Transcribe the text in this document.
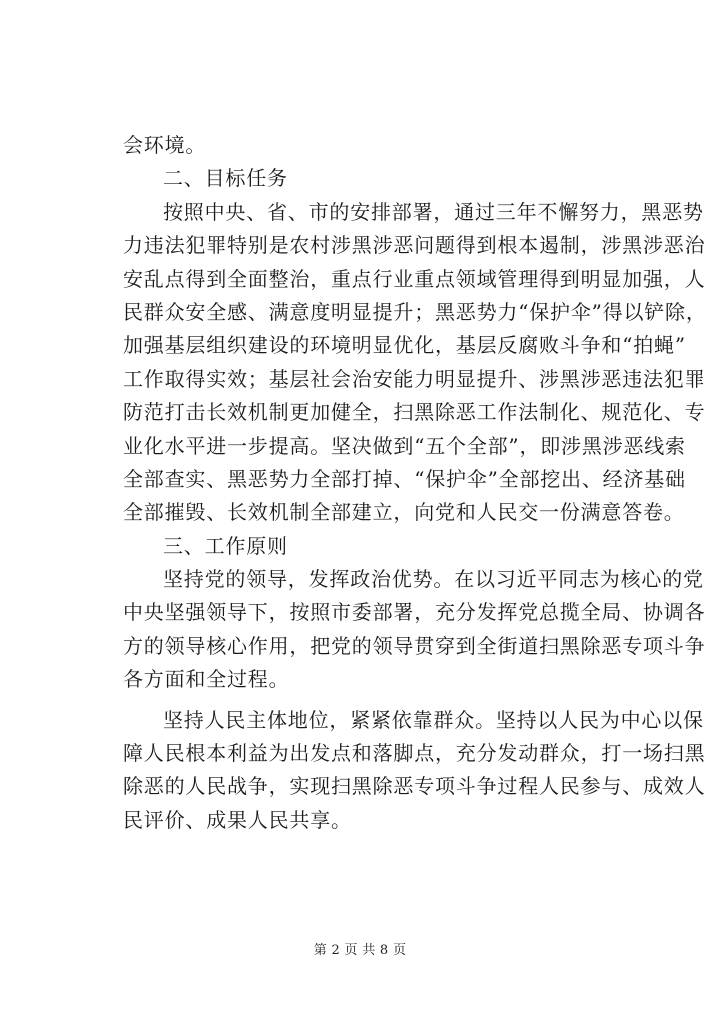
会环境。
二、目标任务
按照中央、省、市的安排部署，通过三年不懈努力，黑恶势
力违法犯罪特别是农村涉黑涉恶问题得到根本遏制，涉黑涉恶治
安乱点得到全面整治，重点行业重点领域管理得到明显加强，人
民群众安全感、满意度明显提升；黑恶势力“保护伞”得以铲除，
加强基层组织建设的环境明显优化，基层反腐败斗争和“拍蝇”
工作取得实效；基层社会治安能力明显提升、涉黑涉恶违法犯罪
防范打击长效机制更加健全，扫黑除恶工作法制化、规范化、专
业化水平进一步提高。坚决做到“五个全部”，即涉黑涉恶线索
全部查实、黑恶势力全部打掉、“保护伞”全部挖出、经济基础
全部摧毁、长效机制全部建立，向党和人民交一份满意答卷。
三、工作原则
坚持党的领导，发挥政治优势。在以习近平同志为核心的党
中央坚强领导下，按照市委部署，充分发挥党总揽全局、协调各
方的领导核心作用，把党的领导贯穿到全街道扫黑除恶专项斗争
各方面和全过程。
坚持人民主体地位，紧紧依靠群众。坚持以人民为中心以保
障人民根本利益为出发点和落脚点，充分发动群众，打一场扫黑
除恶的人民战争，实现扫黑除恶专项斗争过程人民参与、成效人
民评价、成果人民共享。
第 2 页 共 8 页
